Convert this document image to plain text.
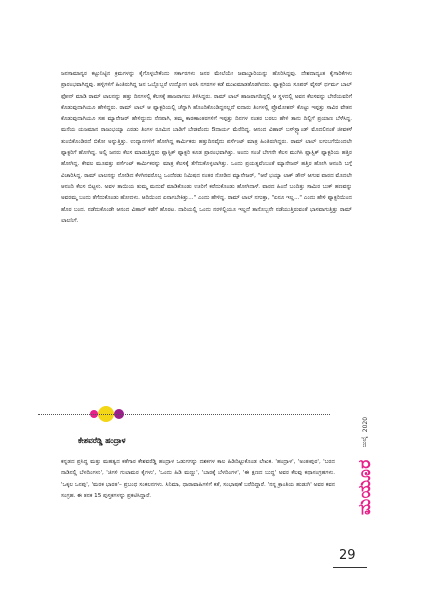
ಜನಸಾಮಾನ್ಯರ ಕಟ್ಟುನಿಟ್ಟಿನ ಕ್ರಮಗಳನ್ನು ಕೈಗೊಳ್ಳಬೇಕೆಂದು ಸರ್ಕಾರಗಳು ಜನರ ಮೇಲೆಯೇ ಜವಾಬ್ದಾರಿಯನ್ನು ಹೊರಿಸಿದ್ದವು. ದೇಶದಾದ್ಯಂತ ಕೈಗಾರಿಕೆಗಳು ಪ್ರಾರಂಭವಾಗಿದ್ದವು. ಹಳ್ಳಿಗಳಿಗೆ ಹಿಂತಿರುಗಿದ್ದ ಜನ ಒಬ್ಬೊಬ್ಬರೆ ಉದ್ಯೋಗ ಅರಸಿ ನಗರಗಳ ಕಡೆ ಮುಖಮಾಡತೊಡಗಿದರು. ಫ್ಯಾಕ್ಟರಿಯ ಸೂಪರ್ ವೈಸರ್ ರ್ಧರ್ಮ ಬಾಲ್ ಫೋನ್ ಮಾಡಿ ರಾಮ್ ಲಾಲನನ್ನು ಹತ್ತು ದಿನಗಳಲ್ಲಿ ಕೆಲಸಕ್ಕೆ ಹಾಜರಾಗಲು ತಿಳಿಸಿದ್ದರು. ರಾಮ್ ಲಾಲ್ ಹಾಜರಾಗದಿದ್ದಲ್ಲಿ ಆ ಸ್ಥಳದಲ್ಲಿ ಅವನ ಕೆಲಸವನ್ನು ಬೇರೆಯವರಿಗೆ ಕೊಡುವುದಾಗಿಯೂ ಹೇಳಿದ್ದರು. ರಾಮ್ ಲಾಲ್ ಆ ಫ್ಯಾಕ್ಟರಿಯಲ್ಲಿ ಚೆನ್ನಾಗಿ ಹೊಂದಿಕೊಂಡಿದ್ದನಲ್ಲದೆ ಐದಾರು ತಿಂಗಳಲ್ಲಿ ಪ್ರೊಮೋಶನ್ ಕೊಟ್ಟು ಇಪ್ಪತ್ತು ಸಾವಿರ ವೇತನ ಕೊಡುವುದಾಗಿಯೂ ಸಹ ಮ್ಯಾನೇಜರ್ ಹೇಳಿದ್ದುದು ನೆನಪಾಗಿ, ತಮ್ಮ ಕಾರಣಾಂತರಗಳಿಗೆ ಇಪ್ಪತ್ತು ದಿನಗಳ ನಂತರ ಬರಲು ಹೇಳಿ ತಾನು ದಿಲ್ಲಿಗೆ ಪ್ರಯಾಣ ಬೆಳೆಸಿದ್ದ. ಮನೆಯ ಯಜಮಾನ ರಾಜುಭಯ್ಯಾ ಎರಡು ತಿಂಗಳ ರೂಮಿನ ಬಾಡಿಗೆ ಬೇಡವೆಂದು ಔದಾರ್ಯ ಮೆರೆದಿದ್ದ. ಆನಂದ ವಿಹಾರ್ ಬಸ್‌ಸ್ಟ್ಯಾಂಡ್ ಮೊದಲಿನಂತೆ ಜೀವಕಳೆ ತುಂಬಿಕೊಂಡಿರದೆ ಬಿಕೋ ಅನ್ನುತ್ತಿತ್ತು. ಉದ್ಯಾನಗಳಿಗೆ ಹೋಗಿದ್ದ ಕಾರ್ಮಿಕರು ಹತ್ತುದಿನವೈದು ಪರ್ಸೆಂಟ್ ಮಾತ್ರ ಹಿಂತಿರುಗಿದ್ದರು. ರಾಮ್ ಲಾಲ್ ಲಗುಬಗೆಯಿಂದಲೇ ಫ್ಯಾಕ್ಟರಿಗೆ ಹೋಗಿದ್ದ. ಅಲ್ಲಿ ಜನರು ಕೆಲಸ ಮಾಡುತ್ತಿದ್ದರು ಪ್ಲಾಸ್ಟಿಕ್ ಫ್ಯಾಕ್ಟರಿ ಕೂಡ ಪ್ರಾರಂಭವಾಗಿತ್ತು. ಅಂದು ಸಂಜೆ ಬೇಗನೇ ಕೆಲಸ ಮುಗಿಸಿ ಪ್ಲಾಸ್ಟಿಕ್ ಫ್ಯಾಕ್ಟರಿಯ ಹತ್ತಿರ ಹೋಗಿದ್ದ. ಕೇವಲ ಮೂವತ್ತು ಪರ್ಸೆಂಟ್ ಕಾರ್ಮಿಕರನ್ನು ಮಾತ್ರ ಕೆಲಸಕ್ಕೆ ತೆಗೆದುಕೊಳ್ಳಲಾಗಿತ್ತು. ಒಂದು ಪ್ರಯತ್ನವೆಂಬಂತೆ ಮ್ಯಾನೇಜರ್ ಹತ್ತಿರ ಹೋಗಿ ಆನಂದಿ ಬಗ್ಗೆ ವಿಚಾರಿಸಿದ್ದ. ರಾಮ್ ಲಾಲನನ್ನು ನೋಡಿದ ಕೆಳಗಿನವರೊಬ್ಬ ಒಂದೆರಡು ನಿಮಿಷದ ನಂತರ ನೋಡಿದ ಮ್ಯಾನೇಜರ್, "ಆರೆ ಭಯ್ಯಾ ಲಾಕ್ ಡೌನ್ ಆಗುವ ವಾರದ ಮೊದಲೇ ಆನಂದಿ ಕೆಲಸ ಬಿಟ್ಟಳು. ಅವಳ ತಾಯಿಯ ತುಮ್ಮ ಮದುವೆ ಮಾಡಿಕೊಂಡು ಊರಿಗೆ ಕರೆದುಕೊಂಡು ಹೋಗಿದಾಳೆ. ವಾರದ ಹಿಂದೆ ಬಂದಿತ್ತು ಸಾಮಿರ ಬುಕ್ ಹಣವನ್ನು ಅವರಮ್ಮ ಬಂದು ತೆಗೆದುಕೊಂಡು ಹೋದಳು. ಆದಿಯಿಂದ ಏನಾಗಬೇಕಿತ್ತು..." ಎಂದು ಹೇಳಿದ್ದ. ರಾಮ್ ಲಾಲ್ ನಗುತ್ತಾ, "ಏನೂ ಇಲ್ಲ..." ಎಂದು ಹೇಳಿ ಫ್ಯಾಕ್ಟರಿಯಿಂದ ಹೊರ ಬಂದ. ನಡೆದುಕೊಂಡೇ ಆನಂದ ವಿಹಾರ್ ಕಡೆಗೆ ಹೊರಟ. ದಾರಿಯಲ್ಲಿ ಒಂದು ನರಳಿಲ್ಲಿಯೂ ಇಲ್ಲದೆ ತಾನೊಬ್ಬನೇ ನಡೆಯುತ್ತಿರುವಂತೆ ಭಾಸವಾಗುತ್ತಿತ್ತು ರಾಮ್ ಲಾಲನಿಗೆ.

ಕೇಶವರೆಡ್ಡಿ ಹಂದ್ರಾಳ

ಕನ್ನಡದ ಪ್ರಸಿದ್ಧ ಮತ್ತು ಮಹತ್ವದ ಕತೆಗಾರ ಕೇಶವರೆಡ್ಡಿ ಹಂದ್ರಾಳ ಒಡುಗಗನ್ನು ದಶಕಗಳ ಕಾಲ ಹಿಡಿದಿಟ್ಟುಕೊಂಡ ಲೇಖಕ. 'ಹಂದ್ರಾಳ', 'ಅಂತಃಪುರ', 'ಬರದ ನಾಡಿನಲ್ಲಿ ಬೆಳದಿಂಗಳು', 'ಜಿಗಳಿ ಗುಲಾಮರ ಕೈಗಳು', 'ಒಂದು ಹಿಡಿ ಮಣ್ಣು', 'ಬಾರಕ್ಕೆ ಬೆಳದಿಂಗಳ', 'ಈ ಕ್ಷಣದ ಬುದ್ಧ' ಅವರ ಕೆಲವು ಕಥಾಸಂಗ್ರಹಗಳು. 'ಒಕ್ಕಲ ಒನಪು', 'ಮರಕ ಭಾರತ'– ಪ್ರಬಂಧ ಸಂಕಲನಗಳು. ಸಿನಿಮಾ, ಧಾರಾವಾಹಿಗಳಿಗೆ ಕತೆ, ಸಂಭಾಷಣೆ ಬರೆದಿದ್ದಾರೆ. 'ನನ್ನ ಕ್ರಾಂತಿಯ ಹುಡುಗಿ' ಅವರ ಕವನ ಸಂಗ್ರಹ. ಈ ತನಕ 15 ಪುಸ್ತಕಗಳನ್ನು ಪ್ರಕಟಿಸಿದ್ದಾರೆ.	ಮಯೂರ
ಜುಲೈ
2020
29
